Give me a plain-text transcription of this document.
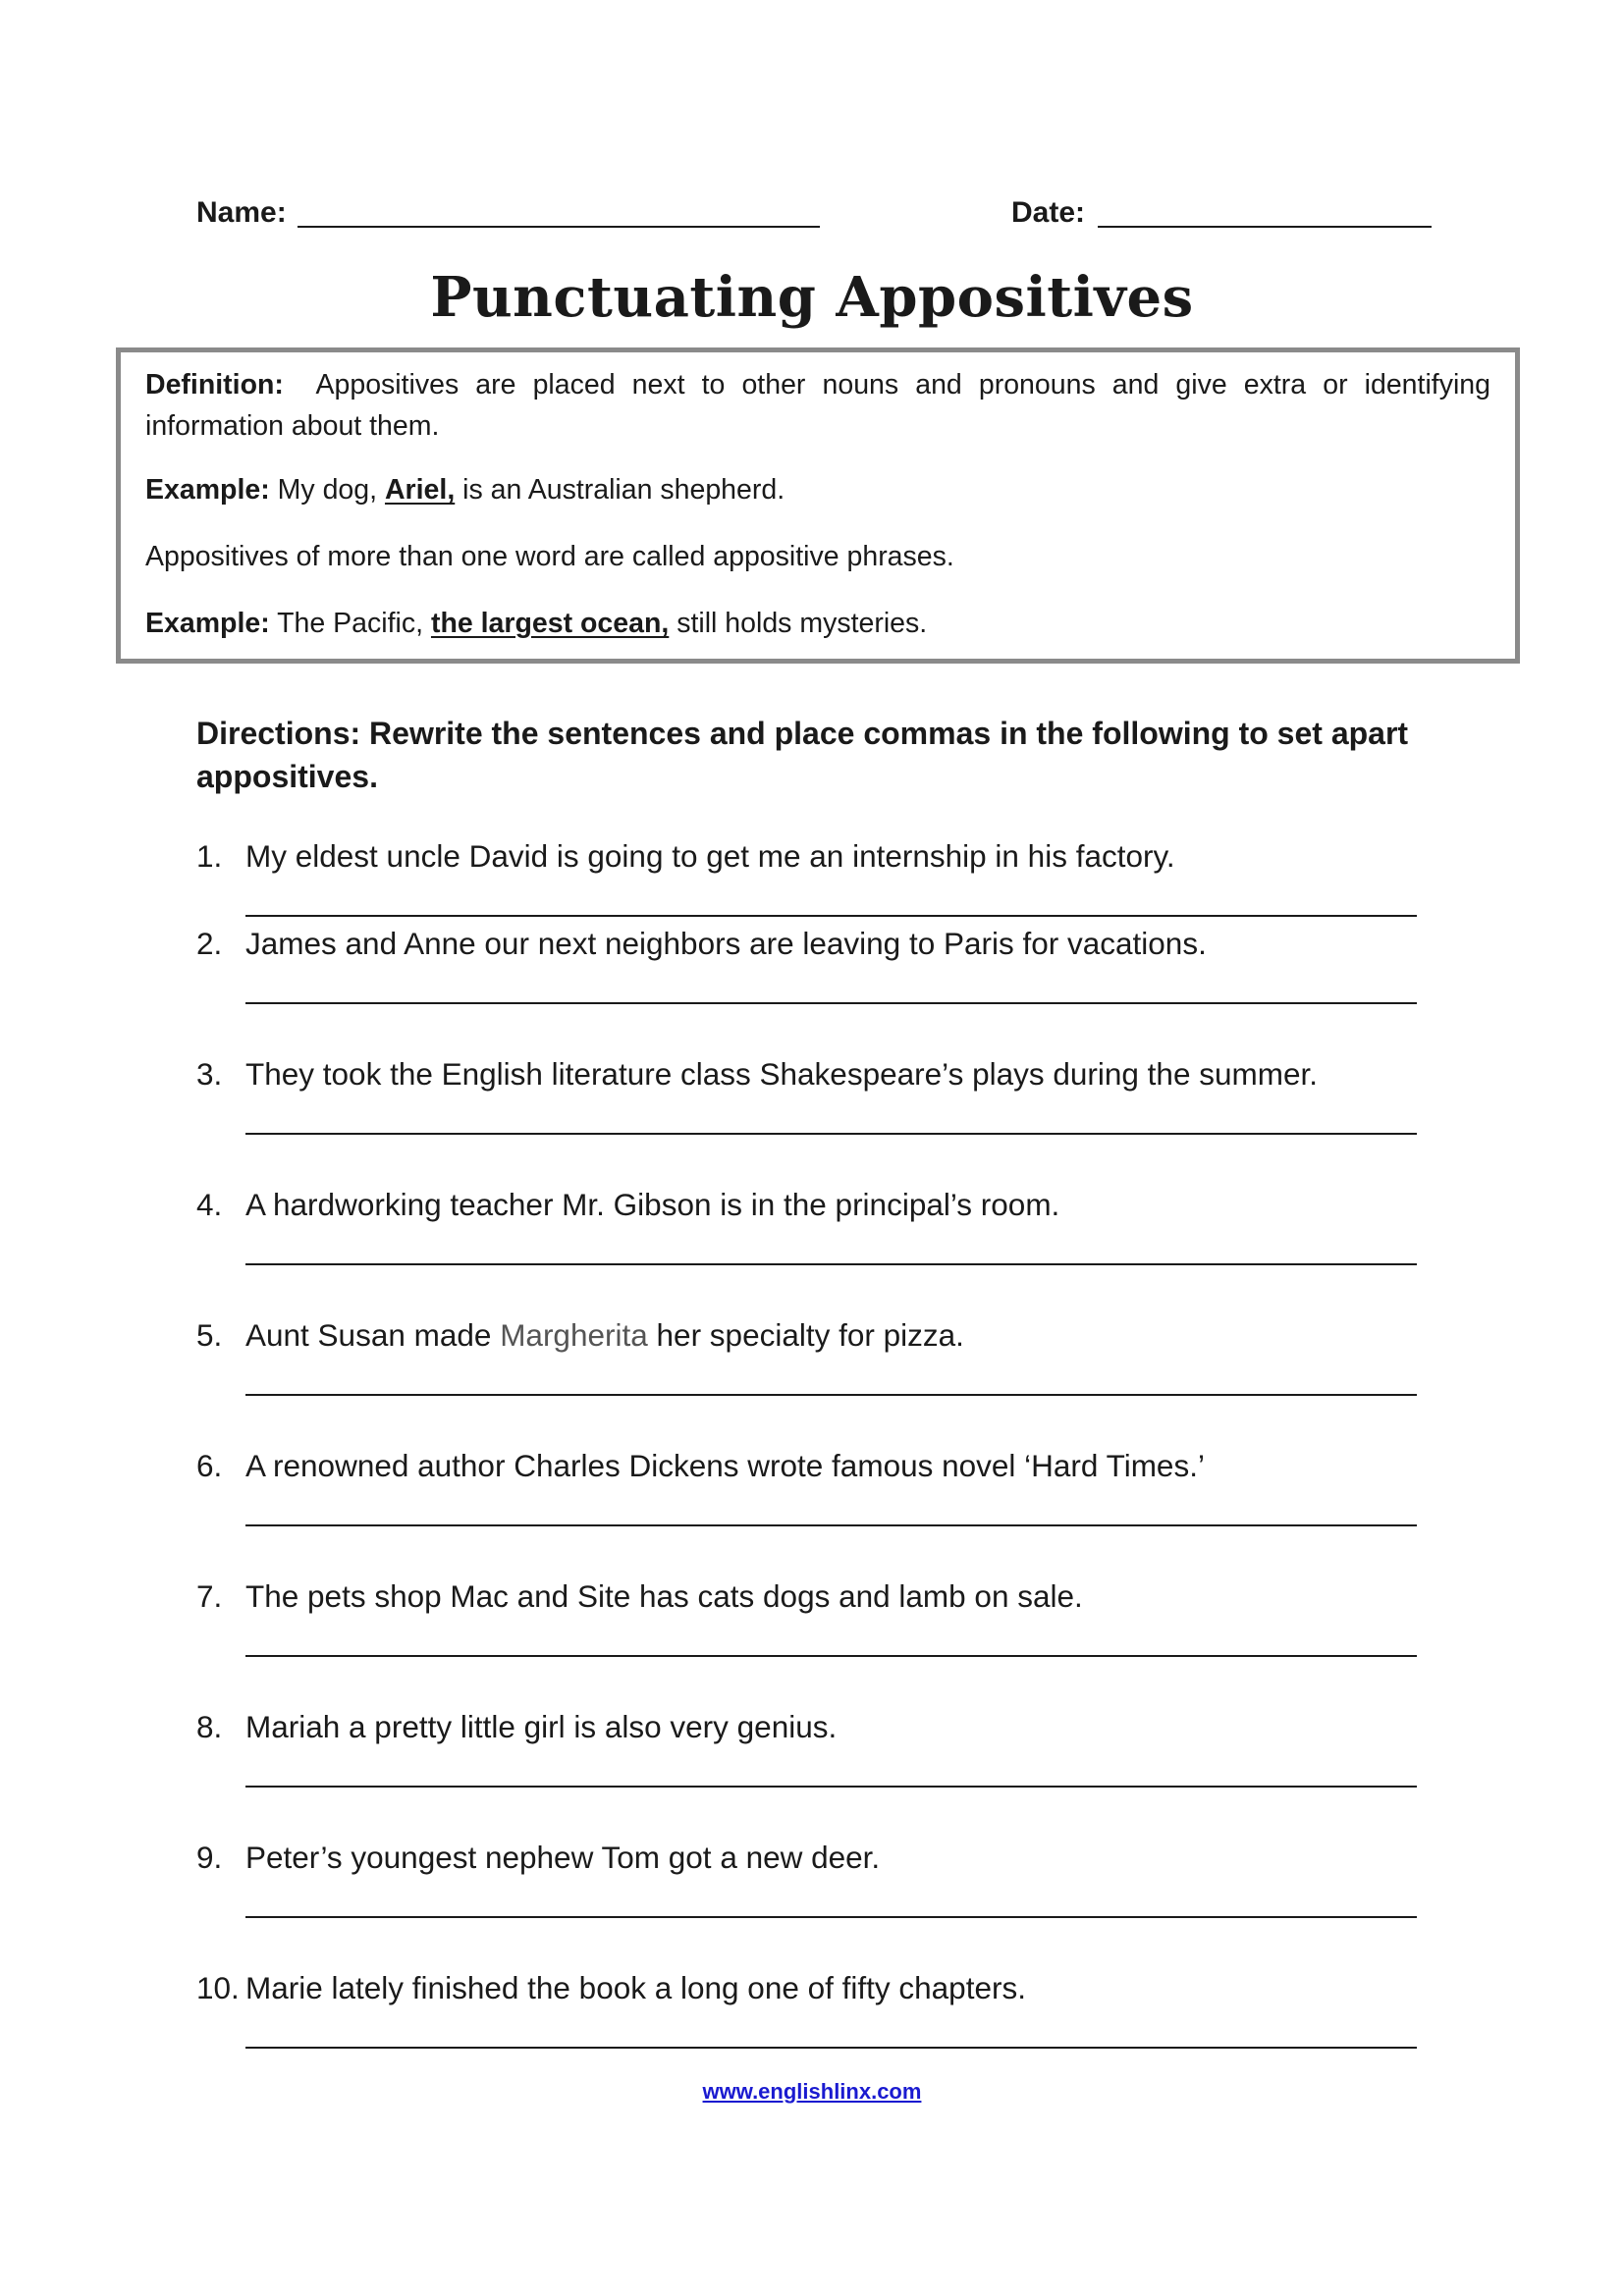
Name:	Date:
Punctuating Appositives

Definition: Appositives are placed next to other nouns and pronouns and give extra or identifying information about them.

Example: My dog, Ariel, is an Australian shepherd.

Appositives of more than one word are called appositive phrases.

Example: The Pacific, the largest ocean, still holds mysteries.

Directions: Rewrite the sentences and place commas in the following to set apart appositives.
1. My eldest uncle David is going to get me an internship in his factory.
2. James and Anne our next neighbors are leaving to Paris for vacations.
3. They took the English literature class Shakespeare’s plays during the summer.
4. A hardworking teacher Mr. Gibson is in the principal’s room.
5. Aunt Susan made Margherita her specialty for pizza.
6. A renowned author Charles Dickens wrote famous novel ‘Hard Times.’
7. The pets shop Mac and Site has cats dogs and lamb on sale.
8. Mariah a pretty little girl is also very genius.
9. Peter’s youngest nephew Tom got a new deer.
10. Marie lately finished the book a long one of fifty chapters.
www.englishlinx.com
